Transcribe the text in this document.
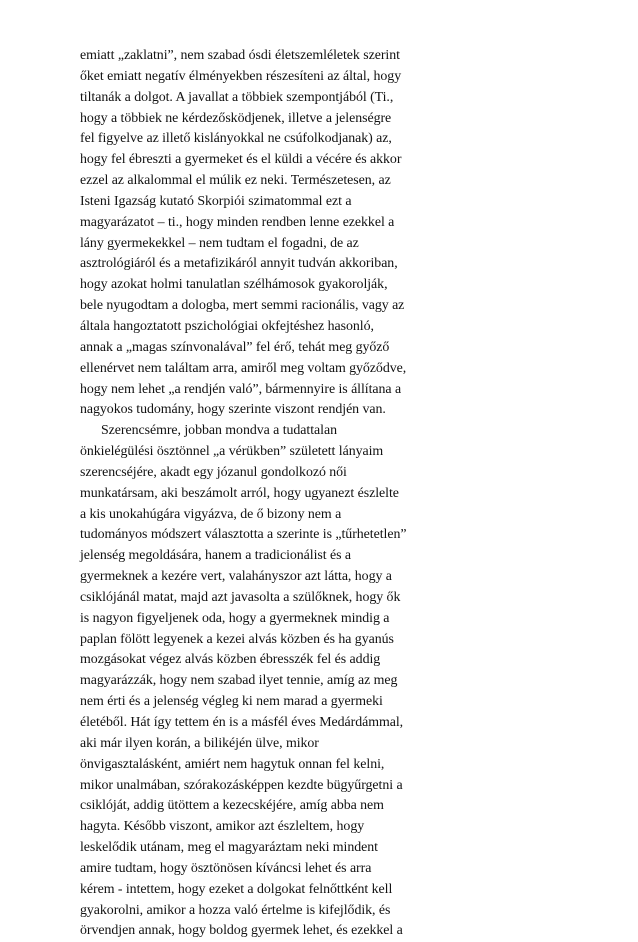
emiatt „zaklatni”, nem szabad ósdi életszemléletek szerint
őket emiatt negatív élményekben részesíteni az által, hogy
tiltanák a dolgot. A javallat a többiek szempontjából (Ti.,
hogy a többiek ne kérdezősködjenek, illetve a jelenségre
fel figyelve az illető kislányokkal ne csúfolkodjanak) az,
hogy fel ébreszti a gyermeket és el küldi a vécére és akkor
ezzel az alkalommal el múlik ez neki. Természetesen, az
Isteni Igazság kutató Skorpiói szimatommal ezt a
magyarázatot – ti., hogy minden rendben lenne ezekkel a
lány gyermekekkel – nem tudtam el fogadni, de az
asztrológiáról és a metafizikáról annyit tudván akkoriban,
hogy azokat holmi tanulatlan szélhámosok gyakorolják,
bele nyugodtam a dologba, mert semmi racionális, vagy az
általa hangoztatott pszichológiai okfejtéshez hasonló,
annak a „magas színvonalával” fel érő, tehát meg győző
ellenérvet nem találtam arra, amiről meg voltam győződve,
hogy nem lehet „a rendjén való”, bármennyire is állítana a
nagyokos tudomány, hogy szerinte viszont rendjén van.
Szerencsémre, jobban mondva a tudattalan
önkielégülési ösztönnel „a vérükben” született lányaim
szerencséjére, akadt egy józanul gondolkozó női
munkatársam, aki beszámolt arról, hogy ugyanezt észlelte
a kis unokahúgára vigyázva, de ő bizony nem a
tudományos módszert választotta a szerinte is „tűrhetetlen”
jelenség megoldására, hanem a tradicionálist és a
gyermeknek a kezére vert, valahányszor azt látta, hogy a
csiklójánál matat, majd azt javasolta a szülőknek, hogy ők
is nagyon figyeljenek oda, hogy a gyermeknek mindig a
paplan fölött legyenek a kezei alvás közben és ha gyanús
mozgásokat végez alvás közben ébresszék fel és addig
magyarázzák, hogy nem szabad ilyet tennie, amíg az meg
nem érti és a jelenség végleg ki nem marad a gyermeki
életéből. Hát így tettem én is a másfél éves Medárdámmal,
aki már ilyen korán, a bilikéjén ülve, mikor
önvigasztalásként, amiért nem hagytuk onnan fel kelni,
mikor unalmában, szórakozásképpen kezdte bügyűrgetni a
csiklóját, addig ütöttem a kezecskéjére, amíg abba nem
hagyta. Később viszont, amikor azt észleltem, hogy
leskelődik utánam, meg el magyaráztam neki mindent
amire tudtam, hogy ösztönösen kíváncsi lehet és arra
kérem - intettem, hogy ezeket a dolgokat felnőttként kell
gyakorolni, amikor a hozza való értelme is kifejlődik, és
örvendjen annak, hogy boldog gyermek lehet, és ezekkel a
